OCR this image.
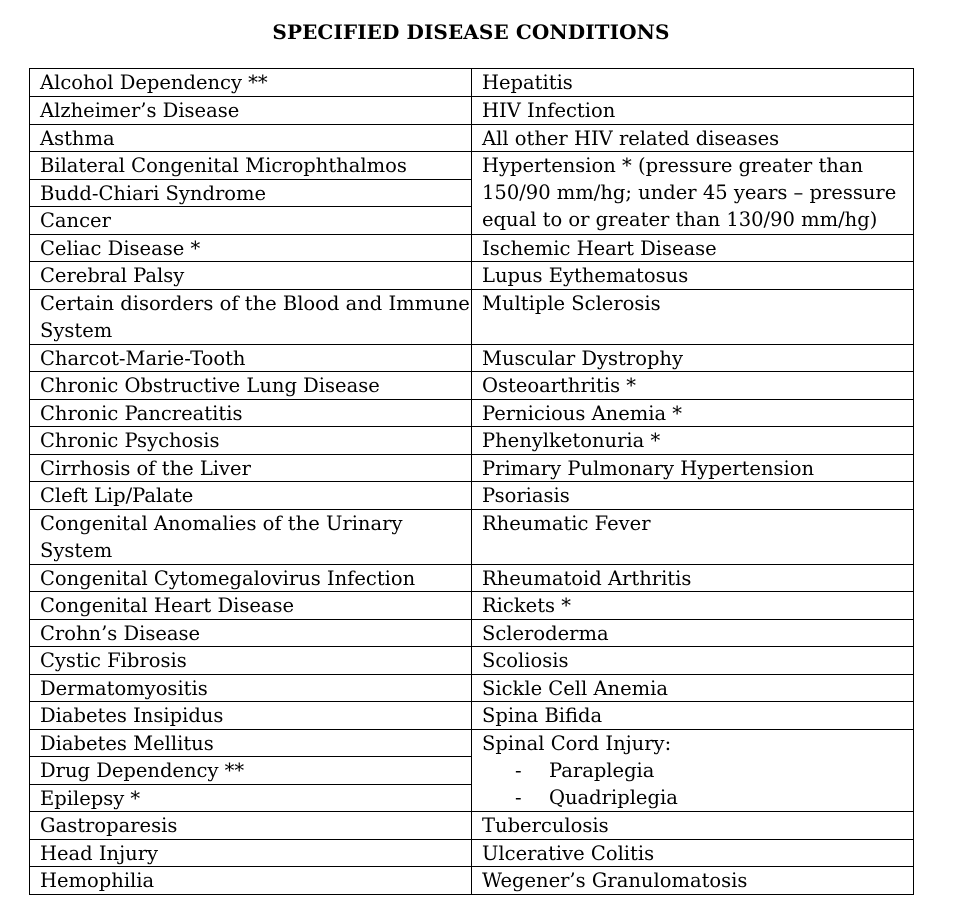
SPECIFIED DISEASE CONDITIONS
Alcohol Dependency **
Alzheimer’s Disease
Asthma
Bilateral Congenital Microphthalmos
Budd-Chiari Syndrome
Cancer
Celiac Disease *
Cerebral Palsy
Certain disorders of the Blood and Immune
System
Charcot-Marie-Tooth
Chronic Obstructive Lung Disease
Chronic Pancreatitis
Chronic Psychosis
Cirrhosis of the Liver
Cleft Lip/Palate
Congenital Anomalies of the Urinary
System
Congenital Cytomegalovirus Infection
Congenital Heart Disease
Crohn’s Disease
Cystic Fibrosis
Dermatomyositis
Diabetes Insipidus
Diabetes Mellitus
Drug Dependency **
Epilepsy *
Gastroparesis
Head Injury
Hemophilia
Hepatitis
HIV Infection
All other HIV related diseases
Hypertension * (pressure greater than
150/90 mm/hg; under 45 years – pressure
equal to or greater than 130/90 mm/hg)
Ischemic Heart Disease
Lupus Eythematosus
Multiple Sclerosis
Muscular Dystrophy
Osteoarthritis *
Pernicious Anemia *
Phenylketonuria *
Primary Pulmonary Hypertension
Psoriasis
Rheumatic Fever
Rheumatoid Arthritis
Rickets *
Scleroderma
Scoliosis
Sickle Cell Anemia
Spina Bifida
Spinal Cord Injury:
- Paraplegia
- Quadriplegia
Tuberculosis
Ulcerative Colitis
Wegener’s Granulomatosis
